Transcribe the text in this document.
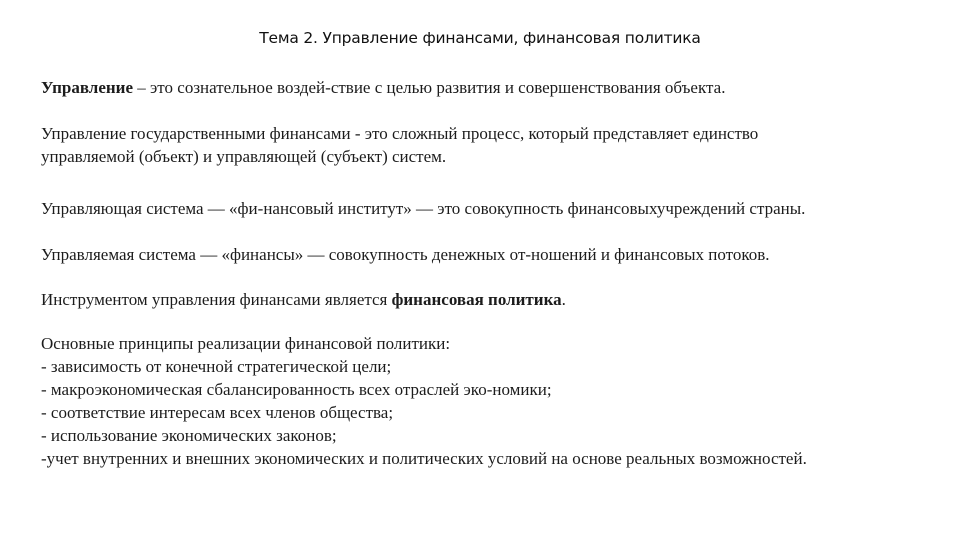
Тема 2. Управление финансами, финансовая политика

Управление – это сознательное воздей-ствие с целью развития и совершенствования объекта.

Управление государственными финансами - это сложный процесс, который представляет единство
управляемой (объект) и управляющей (субъект) систем.

Управляющая система — «фи-нансовый институт» — это совокупность финансовыхучреждений страны.

Управляемая система — «финансы» — совокупность денежных от-ношений и финансовых потоков.

Инструментом управления финансами является финансовая политика.

Основные принципы реализации финансовой политики:
- зависимость от конечной стратегической цели;
- макроэкономическая сбалансированность всех отраслей эко-номики;
- соответствие интересам всех членов общества;
- использование экономических законов;
-учет внутренних и внешних экономических и политических условий на основе реальных возможностей.
